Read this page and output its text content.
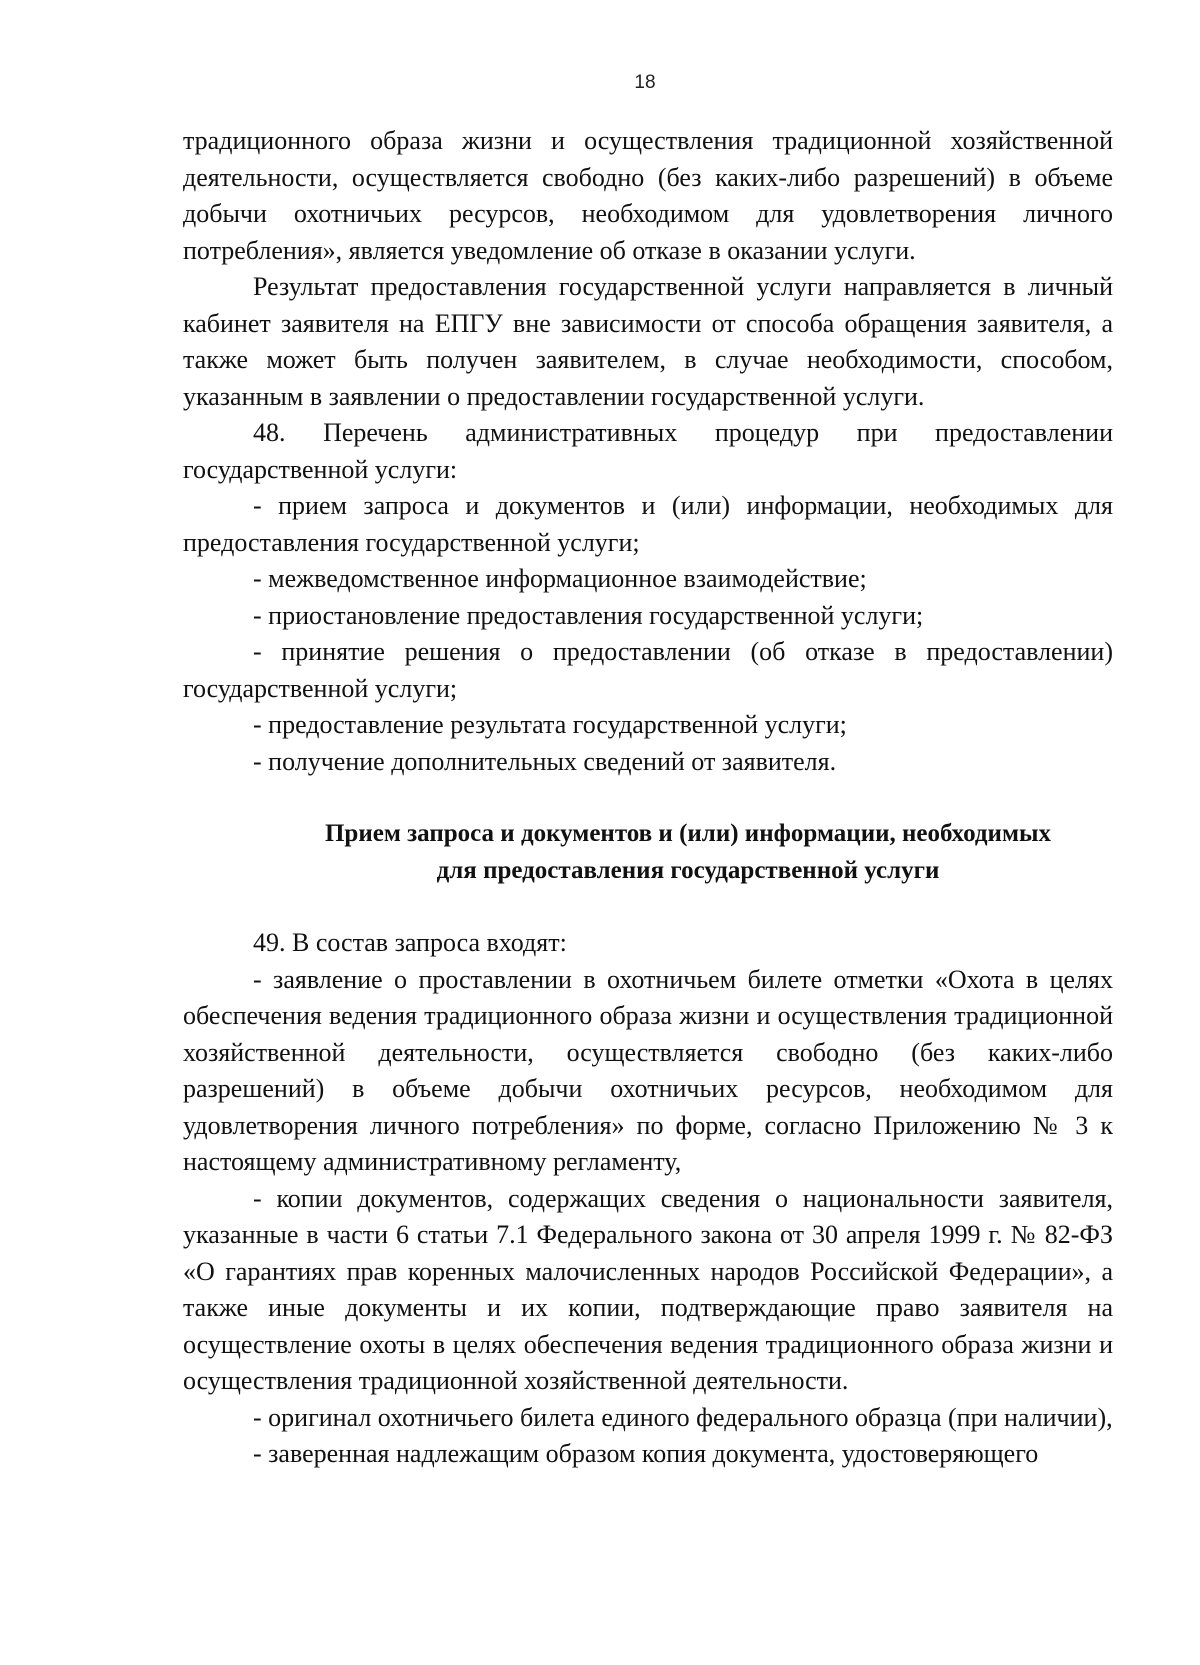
18

традиционного образа жизни и осуществления традиционной хозяйственной деятельности, осуществляется свободно (без каких-либо разрешений) в объеме добычи охотничьих ресурсов, необходимом для удовлетворения личного потребления», является уведомление об отказе в оказании услуги.

Результат предоставления государственной услуги направляется в личный кабинет заявителя на ЕПГУ вне зависимости от способа обращения заявителя, а также может быть получен заявителем, в случае необходимости, способом, указанным в заявлении о предоставлении государственной услуги.

48. Перечень административных процедур при предоставлении государственной услуги:

- прием запроса и документов и (или) информации, необходимых для предоставления государственной услуги;

- межведомственное информационное взаимодействие;

- приостановление предоставления государственной услуги;

- принятие решения о предоставлении (об отказе в предоставлении) государственной услуги;

- предоставление результата государственной услуги;

- получение дополнительных сведений от заявителя.

Прием запроса и документов и (или) информации, необходимых
для предоставления государственной услуги

49. В состав запроса входят:

- заявление о проставлении в охотничьем билете отметки «Охота в целях обеспечения ведения традиционного образа жизни и осуществления традиционной хозяйственной деятельности, осуществляется свободно (без каких-либо разрешений) в объеме добычи охотничьих ресурсов, необходимом для удовлетворения личного потребления» по форме, согласно Приложению № 3 к настоящему административному регламенту,

- копии документов, содержащих сведения о национальности заявителя, указанные в части 6 статьи 7.1 Федерального закона от 30 апреля 1999 г. № 82-ФЗ «О гарантиях прав коренных малочисленных народов Российской Федерации», а также иные документы и их копии, подтверждающие право заявителя на осуществление охоты в целях обеспечения ведения традиционного образа жизни и осуществления традиционной хозяйственной деятельности.

- оригинал охотничьего билета единого федерального образца (при наличии),

- заверенная надлежащим образом копия документа, удостоверяющего
